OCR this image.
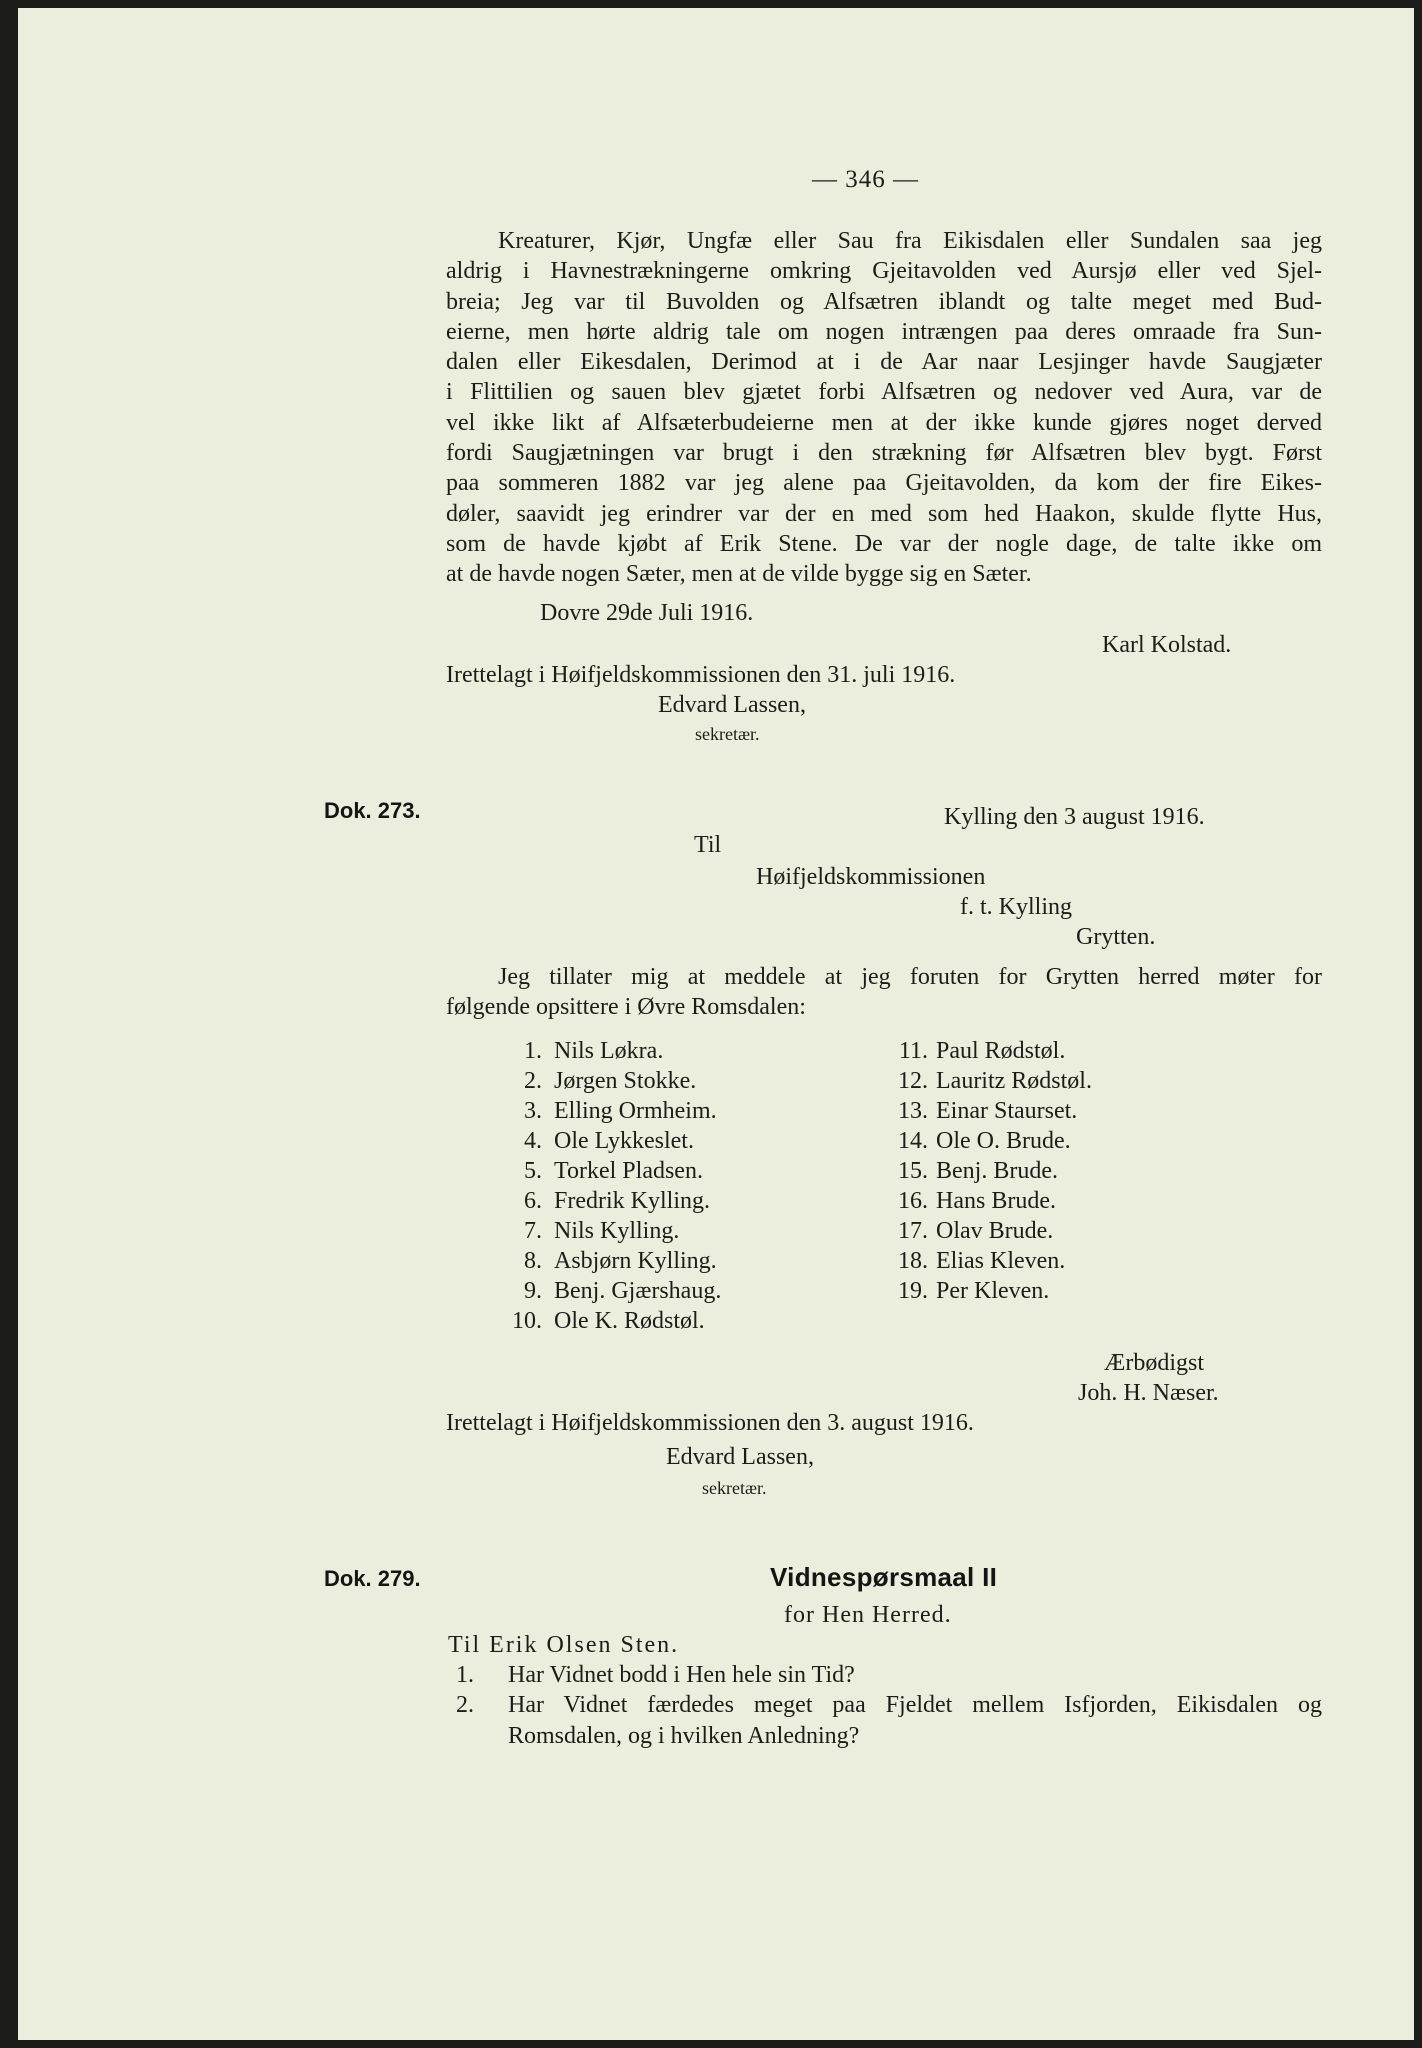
— 346 —
Kreaturer, Kjør, Ungfæ eller Sau fra Eikisdalen eller Sundalen saa jeg
aldrig i Havnestrækningerne omkring Gjeitavolden ved Aursjø eller ved Sjel-
breia; Jeg var til Buvolden og Alfsætren iblandt og talte meget med Bud-
eierne, men hørte aldrig tale om nogen intrængen paa deres omraade fra Sun-
dalen eller Eikesdalen, Derimod at i de Aar naar Lesjinger havde Saugjæter
i Flittilien og sauen blev gjætet forbi Alfsætren og nedover ved Aura, var de
vel ikke likt af Alfsæterbudeierne men at der ikke kunde gjøres noget derved
fordi Saugjætningen var brugt i den strækning før Alfsætren blev bygt. Først
paa sommeren 1882 var jeg alene paa Gjeitavolden, da kom der fire Eikes-
døler, saavidt jeg erindrer var der en med som hed Haakon, skulde flytte Hus,
som de havde kjøbt af Erik Stene. De var der nogle dage, de talte ikke om
at de havde nogen Sæter, men at de vilde bygge sig en Sæter.
Dovre 29de Juli 1916.
Karl Kolstad.
Irettelagt i Høifjeldskommissionen den 31. juli 1916.
Edvard Lassen,
sekretær.
Dok. 273.	Kylling den 3 august 1916.
Til
Høifjeldskommissionen
f. t. Kylling
Grytten.
Jeg tillater mig at meddele at jeg foruten for Grytten herred møter for
følgende opsittere i Øvre Romsdalen:
1. Nils Løkra.
2. Jørgen Stokke.
3. Elling Ormheim.
4. Ole Lykkeslet.
5. Torkel Pladsen.
6. Fredrik Kylling.
7. Nils Kylling.
8. Asbjørn Kylling.
9. Benj. Gjærshaug.
10. Ole K. Rødstøl.
11. Paul Rødstøl.
12. Lauritz Rødstøl.
13. Einar Staurset.
14. Ole O. Brude.
15. Benj. Brude.
16. Hans Brude.
17. Olav Brude.
18. Elias Kleven.
19. Per Kleven.
Ærbødigst
Joh. H. Næser.
Irettelagt i Høifjeldskommissionen den 3. august 1916.
Edvard Lassen,
sekretær.
Dok. 279.	Vidnespørsmaal II
for Hen Herred.
Til Erik Olsen Sten.
1. Har Vidnet bodd i Hen hele sin Tid?
2. Har Vidnet færdedes meget paa Fjeldet mellem Isfjorden, Eikisdalen og
Romsdalen, og i hvilken Anledning?
